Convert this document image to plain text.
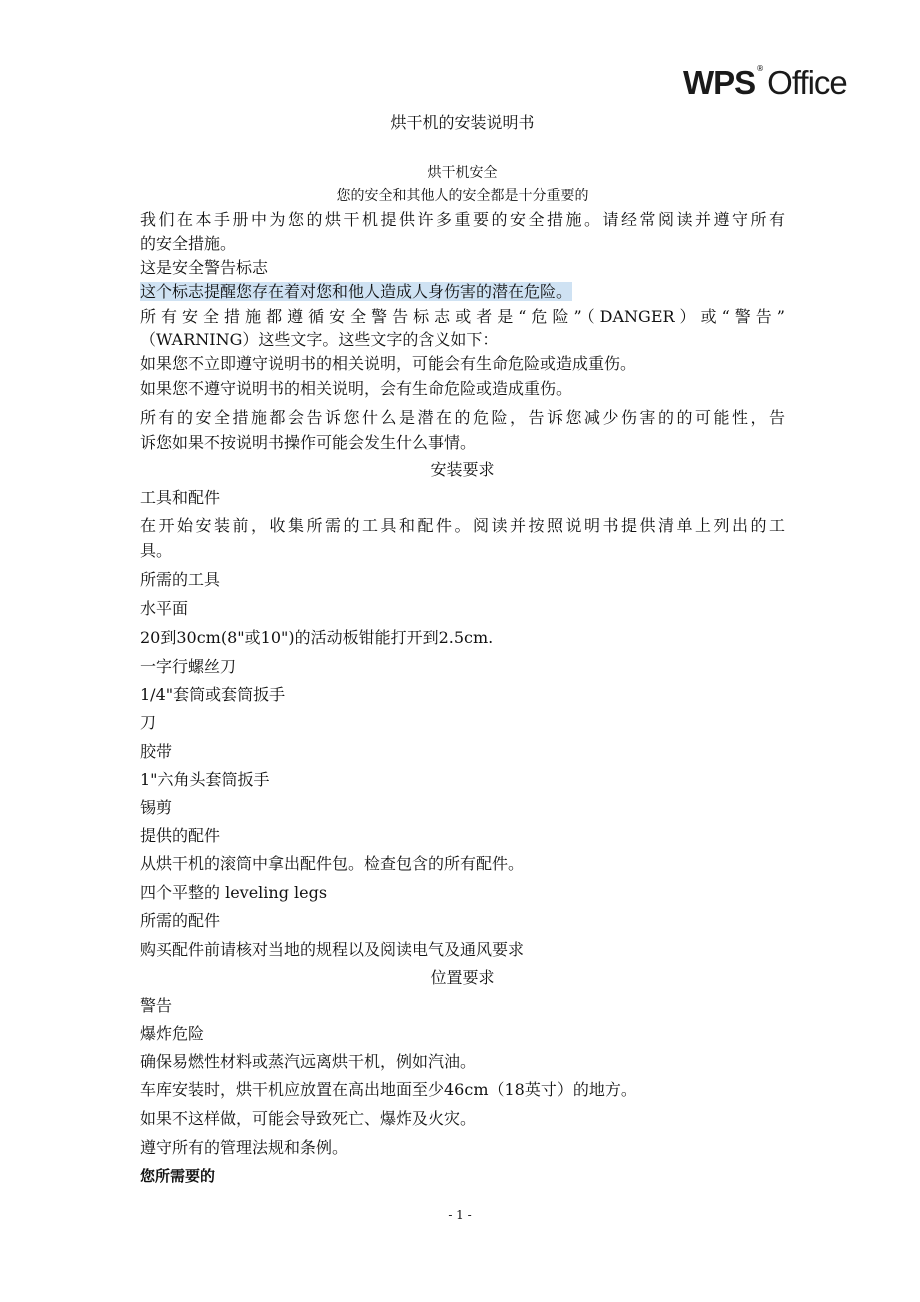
WPS ® Office
烘干机的安装说明书
烘干机安全
您的安全和其他人的安全都是十分重要的
我们在本手册中为您的烘干机提供许多重要的安全措施。请经常阅读并遵守所有
的安全措施。
这是安全警告标志
这个标志提醒您存在着对您和他人造成人身伤害的潜在危险。
所有安全措施都遵循安全警告标志或者是“危险”（DANGER）或“警告”
（WARNING）这些文字。这些文字的含义如下：
如果您不立即遵守说明书的相关说明，可能会有生命危险或造成重伤。
如果您不遵守说明书的相关说明，会有生命危险或造成重伤。
所有的安全措施都会告诉您什么是潜在的危险，告诉您减少伤害的的可能性，告
诉您如果不按说明书操作可能会发生什么事情。
安装要求
工具和配件
在开始安装前，收集所需的工具和配件。阅读并按照说明书提供清单上列出的工
具。
所需的工具
水平面
20到30cm(8"或10")的活动板钳能打开到2.5cm.
一字行螺丝刀
1/4"套筒或套筒扳手
刀
胶带
1"六角头套筒扳手
锡剪
提供的配件
从烘干机的滚筒中拿出配件包。检查包含的所有配件。
四个平整的 leveling legs
所需的配件
购买配件前请核对当地的规程以及阅读电气及通风要求
位置要求
警告
爆炸危险
确保易燃性材料或蒸汽远离烘干机，例如汽油。
车库安装时，烘干机应放置在高出地面至少46cm（18英寸）的地方。
如果不这样做，可能会导致死亡、爆炸及火灾。
遵守所有的管理法规和条例。
您所需要的
- 1 -
